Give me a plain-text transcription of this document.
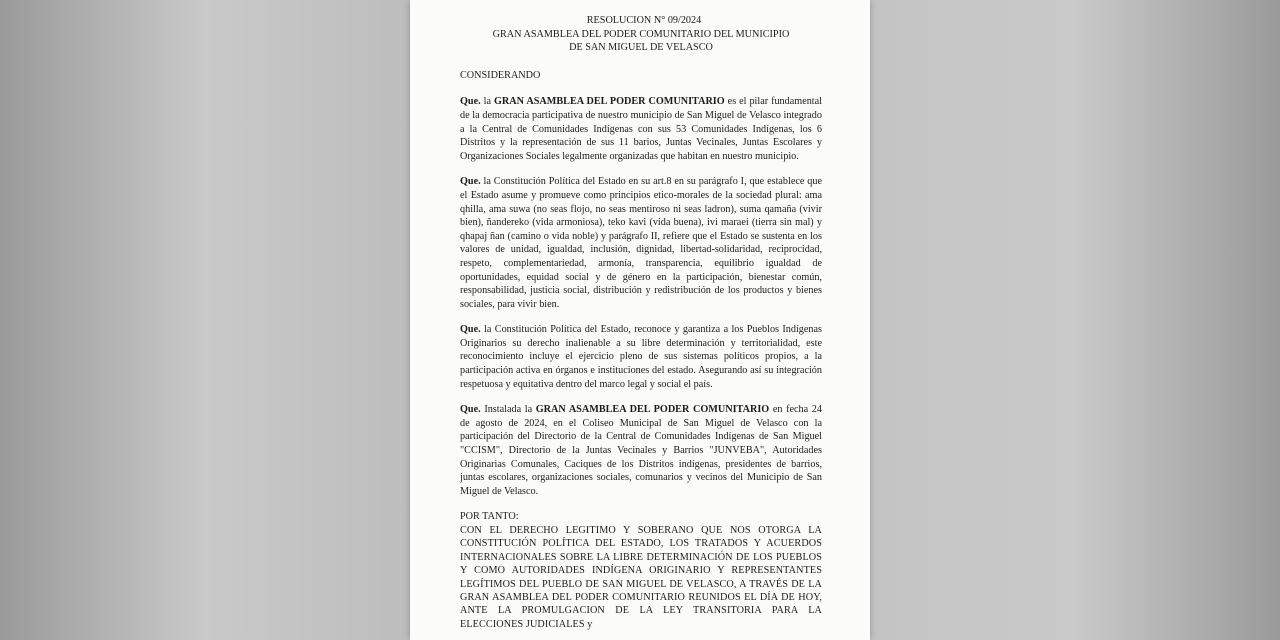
RESOLUCION N° 09/2024
GRAN ASAMBLEA DEL PODER COMUNITARIO DEL MUNICIPIO
DE SAN MIGUEL DE VELASCO
CONSIDERANDO

Que. la GRAN ASAMBLEA DEL PODER COMUNITARIO es el pilar fundamental de la democracia participativa de nuestro municipio de San Miguel de Velasco integrado a la Central de Comunidades Indígenas con sus 53 Comunidades Indígenas, los 6 Distritos y la representación de sus 11 barios, Juntas Vecinales, Juntas Escolares y Organizaciones Sociales legalmente organizadas que habitan en nuestro municipio.

Que. la Constitución Política del Estado en su art.8 en su parágrafo I, que establece que el Estado asume y promueve como principios etico-morales de la sociedad plural: ama qhilla, ama suwa (no seas flojo, no seas mentiroso ni seas ladron), suma qamaña (vivir bien), ñandereko (vida armoniosa), teko kavi (vida buena), ivi maraei (tierra sin mal) y qhapaj ñan (camino o vida noble) y parágrafo II, refiere que el Estado se sustenta en los valores de unidad, igualdad, inclusión, dignidad, libertad-solidaridad, reciprocidad, respeto, complementariedad, armonía, transparencia, equilibrio igualdad de oportunidades, equidad social y de género en la participación, bienestar común, responsabilidad, justicia social, distribución y redistribución de los productos y bienes sociales, para vivir bien.

Que. la Constitución Política del Estado, reconoce y garantiza a los Pueblos Indígenas Originarios su derecho inalienable a su libre determinación y territorialidad, este reconocimiento incluye el ejercicio pleno de sus sistemas políticos propios, a la participación activa en órganos e instituciones del estado. Asegurando así su integración respetuosa y equitativa dentro del marco legal y social el país.

Que. Instalada la GRAN ASAMBLEA DEL PODER COMUNITARIO en fecha 24 de agosto de 2024, en el Coliseo Municipal de San Miguel de Velasco con la participación del Directorio de la Central de Comunidades Indígenas de San Miguel "CCISM", Directorio de la Juntas Vecinales y Barrios "JUNVEBA", Autoridades Originarias Comunales, Caciques de los Distritos indígenas, presidentes de barrios, juntas escolares, organizaciones sociales, comunarios y vecinos del Municipio de San Miguel de Velasco.

POR TANTO:

CON EL DERECHO LEGITIMO Y SOBERANO QUE NOS OTORGA LA CONSTITUCIÓN POLÍTICA DEL ESTADO, LOS TRATADOS Y ACUERDOS INTERNACIONALES SOBRE LA LIBRE DETERMINACIÓN DE LOS PUEBLOS Y COMO AUTORIDADES INDÍGENA ORIGINARIO Y REPRESENTANTES LEGÍTIMOS DEL PUEBLO DE SAN MIGUEL DE VELASCO, A TRAVÉS DE LA GRAN ASAMBLEA DEL PODER COMUNITARIO REUNIDOS EL DÍA DE HOY, ANTE LA PROMULGACION DE LA LEY TRANSITORIA PARA LA ELECCIONES JUDICIALES y
